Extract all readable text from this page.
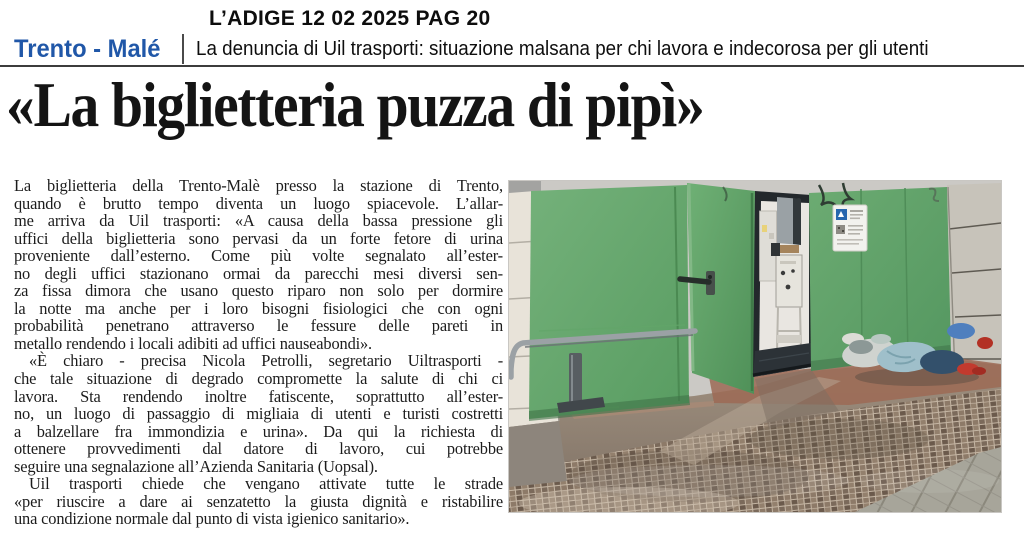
L’ADIGE 12 02 2025 PAG 20
Trento - Malé	La denuncia di Uil trasporti: situazione malsana per chi lavora e indecorosa per gli utenti
«La biglietteria puzza di pipì»
La biglietteria della Trento-Malè presso la stazione di Trento,
quando è brutto tempo diventa un luogo spiacevole. L’allar-
me arriva da Uil trasporti: «A causa della bassa pressione gli
uffici della biglietteria sono pervasi da un forte fetore di urina
proveniente dall’esterno. Come più volte segnalato all’ester-
no degli uffici stazionano ormai da parecchi mesi diversi sen-
za fissa dimora che usano questo riparo non solo per dormire
la notte ma anche per i loro bisogni fisiologici che con ogni
probabilità penetrano attraverso le fessure delle pareti in
metallo rendendo i locali adibiti ad uffici nauseabondi».
«È chiaro - precisa Nicola Petrolli, segretario Uiltrasporti -
che tale situazione di degrado compromette la salute di chi ci
lavora. Sta rendendo inoltre fatiscente, soprattutto all’ester-
no, un luogo di passaggio di migliaia di utenti e turisti costretti
a balzellare fra immondizia e urina». Da qui la richiesta di
ottenere provvedimenti dal datore di lavoro, cui potrebbe
seguire una segnalazione all’Azienda Sanitaria (Uopsal).
Uil trasporti chiede che vengano attivate tutte le strade
«per riuscire a dare ai senzatetto la giusta dignità e ristabilire
una condizione normale dal punto di vista igienico sanitario».
